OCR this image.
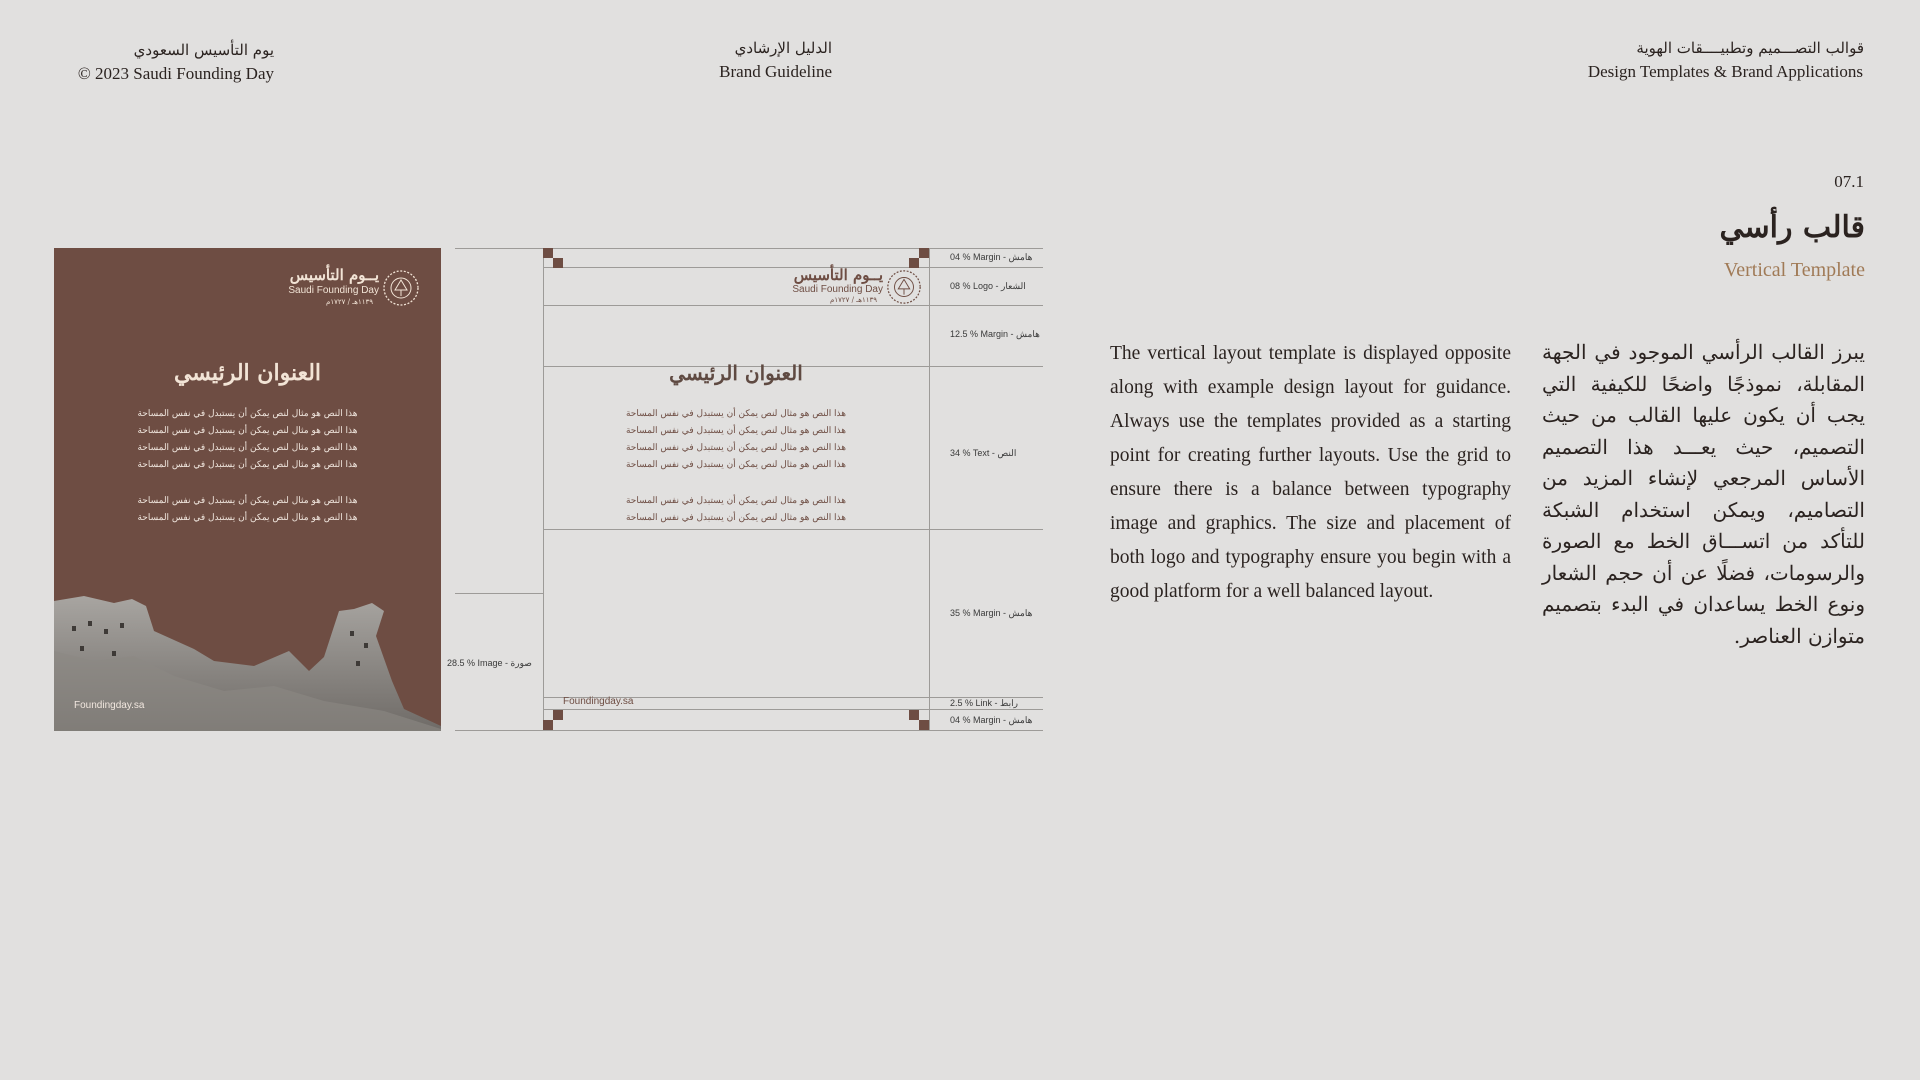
يوم التأسيس السعودي
© 2023 Saudi Founding Day
الدليل الإرشادي
Brand Guideline
قوالب التصـــميم وتطبيــــقات الهوية
Design Templates & Brand Applications
07.1
قالب رأسي
Vertical Template
The vertical layout template is displayed opposite along with example design layout for guidance. Always use the templates provided as a starting point for creating further layouts. Use the grid to ensure there is a balance between typography image and graphics. The size and placement of both logo and typography ensure you begin with a good platform for a well balanced layout.
يبرز القالب الرأسي الموجود في الجهة المقابلة، نموذجًا واضحًا للكيفية التي يجب أن يكون عليها القالب من حيث التصميم، حيث يعـــد هذا التصميم الأساس المرجعي لإنشاء المزيد من التصاميم، ويمكن استخدام الشبكة للتأكد من اتســـاق الخط مع الصورة والرسومات، فضلًا عن أن حجم الشعار ونوع الخط يساعدان في البدء بتصميم متوازن العناصر.
يــوم التأسيس
Saudi Founding Day
١١٣٩هـ / ١٧٢٧م
العنوان الرئيسي
هذا النص هو مثال لنص يمكن أن يستبدل في نفس المساحة
هذا النص هو مثال لنص يمكن أن يستبدل في نفس المساحة
هذا النص هو مثال لنص يمكن أن يستبدل في نفس المساحة
هذا النص هو مثال لنص يمكن أن يستبدل في نفس المساحة
هذا النص هو مثال لنص يمكن أن يستبدل في نفس المساحة
هذا النص هو مثال لنص يمكن أن يستبدل في نفس المساحة
Foundingday.sa
يــوم التأسيس
Saudi Founding Day
١١٣٩هـ / ١٧٢٧م
العنوان الرئيسي
هذا النص هو مثال لنص يمكن أن يستبدل في نفس المساحة
هذا النص هو مثال لنص يمكن أن يستبدل في نفس المساحة
هذا النص هو مثال لنص يمكن أن يستبدل في نفس المساحة
هذا النص هو مثال لنص يمكن أن يستبدل في نفس المساحة
هذا النص هو مثال لنص يمكن أن يستبدل في نفس المساحة
هذا النص هو مثال لنص يمكن أن يستبدل في نفس المساحة
Foundingday.sa
04 % Margin - هامش
08 % Logo - الشعار
12.5 % Margin - هامش
34 % Text - النص
35 % Margin - هامش
2.5 % Link - رابط
04 % Margin - هامش
28.5 % Image - صورة
